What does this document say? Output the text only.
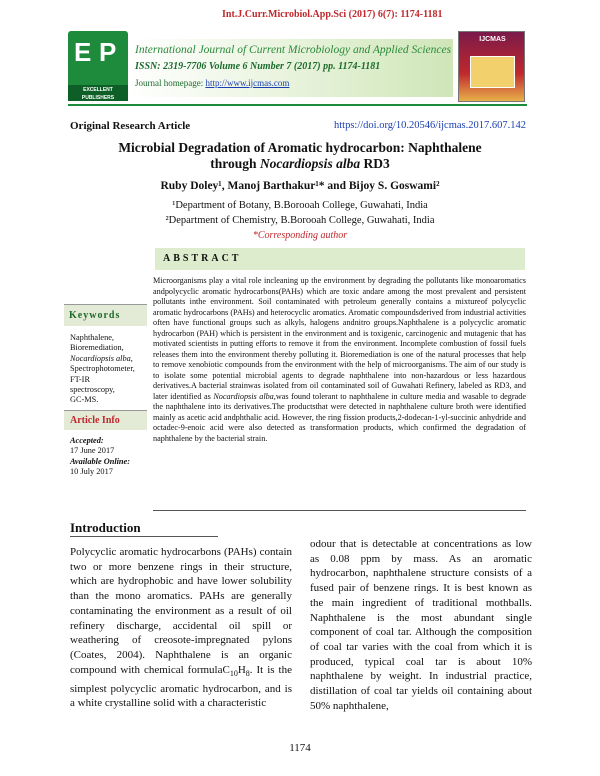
Int.J.Curr.Microbiol.App.Sci (2017) 6(7): 1174-1181
E P
EXCELLENT PUBLISHERS
International Journal of Current Microbiology and Applied Sciences
ISSN: 2319-7706 Volume 6 Number 7 (2017) pp. 1174-1181
Journal homepage: http://www.ijcmas.com
IJCMAS
Original Research Article	https://doi.org/10.20546/ijcmas.2017.607.142
Microbial Degradation of Aromatic hydrocarbon: Naphthalene
through Nocardiopsis alba RD3
Ruby Doley¹, Manoj Barthakur¹* and Bijoy S. Goswami²
¹Department of Botany, B.Borooah College, Guwahati, India
²Department of Chemistry, B.Borooah College, Guwahati, India
*Corresponding author
ABSTRACT
Microorganisms play a vital role incleaning up the environment by degrading the pollutants like monoaromatics andpolycyclic aromatic hydrocarbons(PAHs) which are toxic andare among the most prevalent and persistent pollutants inthe environment. Soil contaminated with petroleum generally contains a mixtureof polycyclic aromatic hydrocarbons (PAHs) and heterocyclic aromatics. Aromatic compoundsderived from industrial activities often have functional groups such as alkyls, halogens andnitro groups.Naphthalene is a polycyclic aromatic hydrocarbon (PAH) which is persistent in the environment and is toxigenic, carcinogenic and mutagenic that has motivated scientists in putting efforts to remove it from the environment. Incomplete combustion of fossil fuels releases them into the environment thereby polluting it. Bioremediation is one of the natural processes that help to remove xenobiotic compounds from the environment with the help of microorganisms. The aim of our study is to isolate some potential microbial agents to degrade naphthalene into non-hazardous or less hazardous derivatives.A bacterial strainwas isolated from oil contaminated soil of Guwahati Refinery, labeled as RD3, and later identified as Nocardiopsis alba,was found tolerant to naphthalene in culture media and wasable to degrade the naphthalene into its derivatives.The productsthat were detected in naphthalene culture broth were identified mainly as acetic acid andphthalic acid. However, the ring fission products,2-dodecan-1-yl-succinic anhydride and octadec-9-enoic acid were also detected as transformation products, which confirmed the degradation of naphthalene by the bacterial strain.
Keywords
Naphthalene,
Bioremediation,
Nocardiopsis alba,
Spectrophotometer,
FT-IR
spectroscopy,
GC-MS.
Article Info
Accepted:
17 June 2017
Available Online:
10 July 2017
Introduction
Polycyclic aromatic hydrocarbons (PAHs) contain two or more benzene rings in their structure, which are hydrophobic and have lower solubility than the mono aromatics. PAHs are generally contaminating the environment as a result of oil refinery discharge, accidental oil spill or weathering of creosote-impregnated pylons (Coates, 2004). Naphthalene is an organic compound with chemical $formulaC_{10}H_8$. It is the simplest polycyclic aromatic hydrocarbon, and is a white crystalline solid with a characteristic
odour that is detectable at concentrations as low as 0.08 ppm by mass. As an aromatic hydrocarbon, naphthalene structure consists of a fused pair of benzene rings. It is best known as the main ingredient of traditional mothballs. Naphthalene is the most abundant single component of coal tar. Although the composition of coal tar varies with the coal from which it is produced, typical coal tar is about 10% naphthalene by weight. In industrial practice, distillation of coal tar yields oil containing about 50% naphthalene,
1174
